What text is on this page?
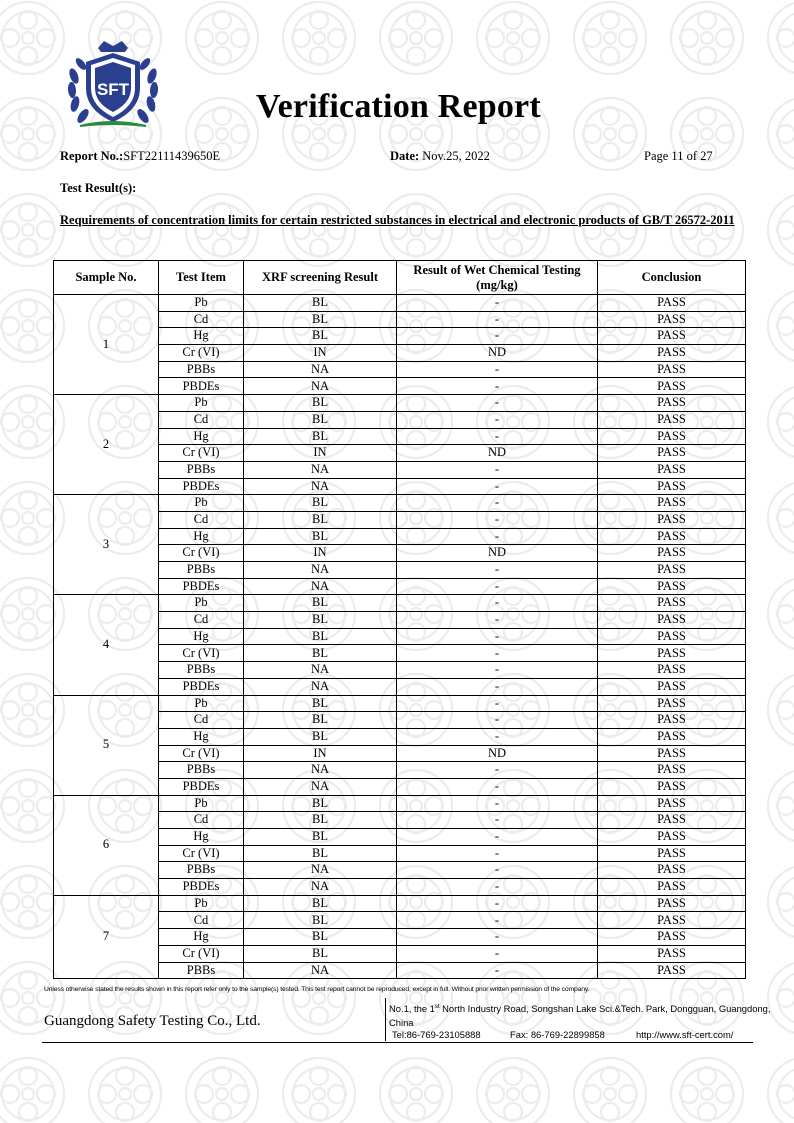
SFT	Verification Report
Report No.:SFT22111439650E	Date: Nov.25, 2022	Page 11 of 27
Test Result(s):
Requirements of concentration limits for certain restricted substances in electrical and electronic products of GB/T 26572-2011
Sample No.	Test Item	XRF screening Result	Result of Wet Chemical Testing (mg/kg)	Conclusion
1	Pb	BL	-	PASS
	Cd	BL	-	PASS
	Hg	BL	-	PASS
	Cr (VI)	IN	ND	PASS
	PBBs	NA	-	PASS
	PBDEs	NA	-	PASS
2	Pb	BL	-	PASS
	Cd	BL	-	PASS
	Hg	BL	-	PASS
	Cr (VI)	IN	ND	PASS
	PBBs	NA	-	PASS
	PBDEs	NA	-	PASS
3	Pb	BL	-	PASS
	Cd	BL	-	PASS
	Hg	BL	-	PASS
	Cr (VI)	IN	ND	PASS
	PBBs	NA	-	PASS
	PBDEs	NA	-	PASS
4	Pb	BL	-	PASS
	Cd	BL	-	PASS
	Hg	BL	-	PASS
	Cr (VI)	BL	-	PASS
	PBBs	NA	-	PASS
	PBDEs	NA	-	PASS
5	Pb	BL	-	PASS
	Cd	BL	-	PASS
	Hg	BL	-	PASS
	Cr (VI)	IN	ND	PASS
	PBBs	NA	-	PASS
	PBDEs	NA	-	PASS
6	Pb	BL	-	PASS
	Cd	BL	-	PASS
	Hg	BL	-	PASS
	Cr (VI)	BL	-	PASS
	PBBs	NA	-	PASS
	PBDEs	NA	-	PASS
7	Pb	BL	-	PASS
	Cd	BL	-	PASS
	Hg	BL	-	PASS
	Cr (VI)	BL	-	PASS
	PBBs	NA	-	PASS
Unless otherwise stated the results shown in this report refer only to the sample(s) tested. This test report cannot be reproduced, except in full. Without prior written permission of the company.
Guangdong Safety Testing Co., Ltd.
No.1, the 1st North Industry Road, Songshan Lake Sci.&Tech. Park, Dongguan, Guangdong, China
Tel:86-769-23105888	Fax: 86-769-22899858	http://www.sft-cert.com/
